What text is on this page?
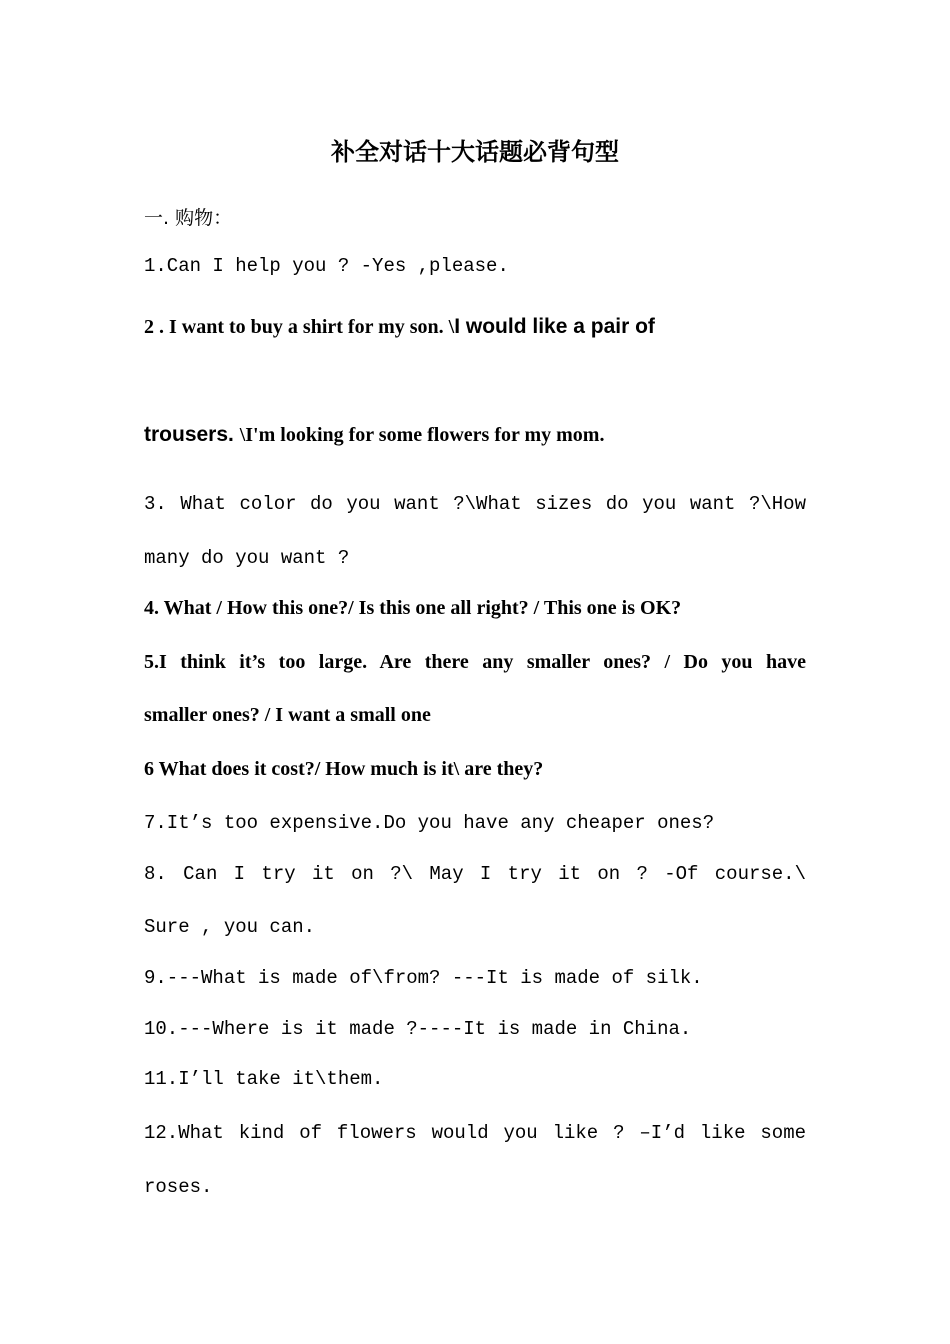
补全对话十大话题必背句型

一. 购物：

1.Can I help you ? -Yes ,please.

2 . I want to buy a shirt for my son. \I would like a pair of

trousers. \I'm looking for some flowers for my mom.

3. What color do you want ?\What sizes do you want ?\How

many do you want ?

4. What / How this one?/ Is this one all right? / This one is OK?

5.I think it’s too large. Are there any smaller ones? / Do you have

smaller ones? / I want a small one

6 What does it cost?/ How much is it\ are they?

7.It’s too expensive.Do you have any cheaper ones?

8. Can I try it on ?\ May I try it on ? -Of course.\

Sure , you can.

9.---What is made of\from? ---It is made of silk.

10.---Where is it made ?----It is made in China.

11.I’ll take it\them.

12.What kind of flowers would you like ? –I’d like some

roses.
